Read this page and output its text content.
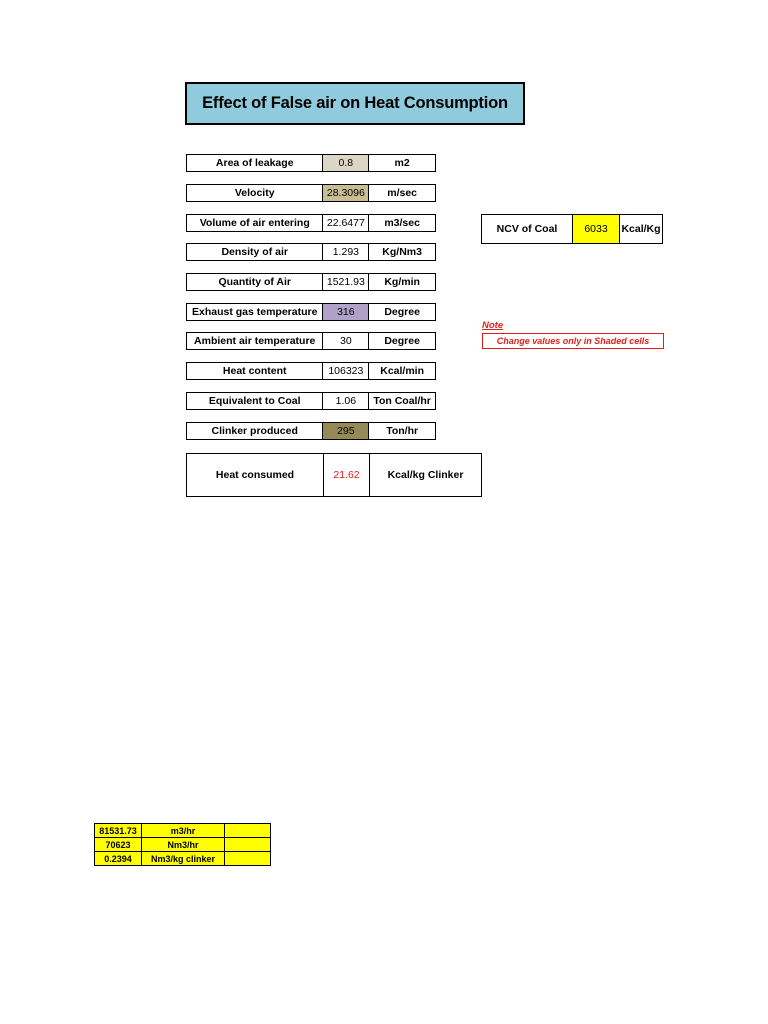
Effect of False air on Heat Consumption
Area of leakage	0.8	m2
Velocity	28.3096	m/sec
Volume of air entering	22.6477	m3/sec
Density of air	1.293	Kg/Nm3
Quantity of Air	1521.93	Kg/min
Exhaust gas temperature	316	Degree
Ambient air temperature	30	Degree
Heat content	106323	Kcal/min
Equivalent to Coal	1.06	Ton Coal/hr
Clinker produced	295	Ton/hr
Heat consumed	21.62	Kcal/kg Clinker
NCV of Coal	6033	Kcal/Kg
Note
Change values only in Shaded cells
81531.73	m3/hr	
70623	Nm3/hr	
0.2394	Nm3/kg clinker	
